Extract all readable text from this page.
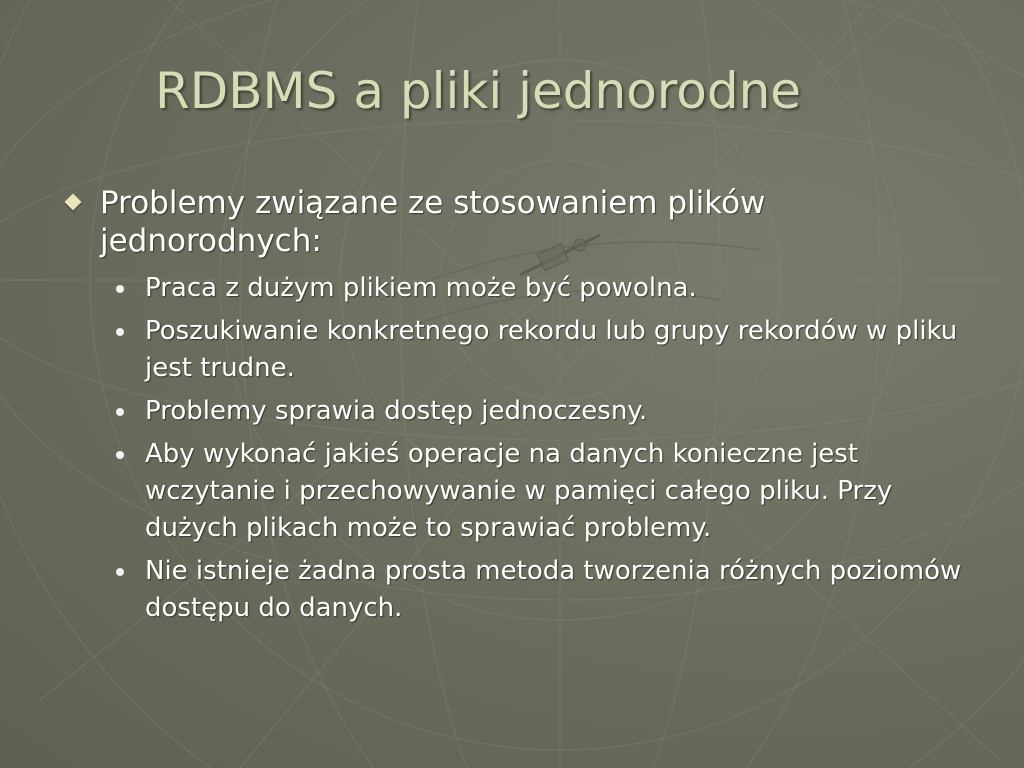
RDBMS a pliki jednorodne
Problemy związane ze stosowaniem plików jednorodnych:
Praca z dużym plikiem może być powolna.
Poszukiwanie konkretnego rekordu lub grupy rekordów w pliku jest trudne.
Problemy sprawia dostęp jednoczesny.
Aby wykonać jakieś operacje na danych konieczne jest wczytanie i przechowywanie w pamięci całego pliku. Przy dużych plikach może to sprawiać problemy.
Nie istnieje żadna prosta metoda tworzenia różnych poziomów dostępu do danych.
